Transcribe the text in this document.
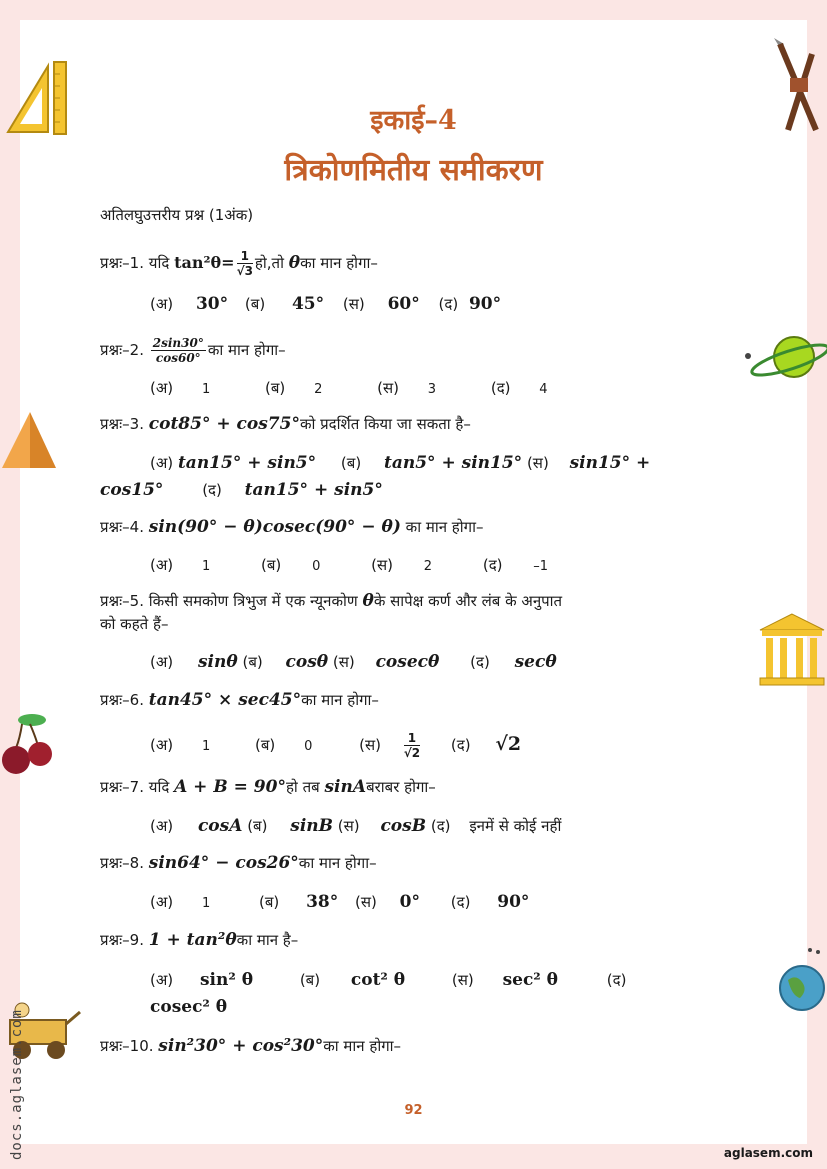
docs.aglasem.com
इकाई–4
त्रिकोणमितीय समीकरण
अतिलघुउत्तरीय प्रश्न (1अंक)
प्रश्नः–1. यदि $\tan^2\theta= \frac{1}{√3}$ हो,तो θका मान होगा–
(अ) 30° (ब) 45° (स) 60° (द) 90°
प्रश्नः–2. $\frac{2\sin 30^\circ}{\cos 60^\circ}$ का मान होगा–
(अ) 1	(ब) 2	(स) 3	(द) 4
प्रश्नः–3. cot85° + cos75°को प्रदर्शित किया जा सकता है–
(अ) tan15° + sin5° (ब) tan5° + sin15° (स) sin15° +
cos15°	(द) tan15° + sin5°
प्रश्नः–4. sin(90° − θ)cosec(90° − θ) का मान होगा–
(अ) 1	(ब) 0	(स) 2	(द) –1
प्रश्नः–5. किसी समकोण त्रिभुज में एक न्यूनकोण θके सापेक्ष कर्ण और लंब के अनुपात
को कहते हैं–
(अ) sinθ (ब) cosθ (स) cosecθ (द) secθ
प्रश्नः–6. tan45° × sec45°का मान होगा–
(अ) 1	(ब) 0	(स) $\frac{1}{√2}$ (द) √2
प्रश्नः–7. यदि A + B = 90°हो तब sinAबराबर होगा–
(अ) cosA (ब) sinB (स) cosB (द) इनमें से कोई नहीं
प्रश्नः–8. sin64° − cos26°का मान होगा–
(अ) 1	(ब) 38° (स) 0° (द) 90°
प्रश्नः–9. 1 + tan²θका मान है–
(अ) sin² θ	(ब) cot² θ	(स) sec² θ	(द)
cosec² θ
प्रश्नः–10. sin²30° + cos²30°का मान होगा–
92
aglasem.com
